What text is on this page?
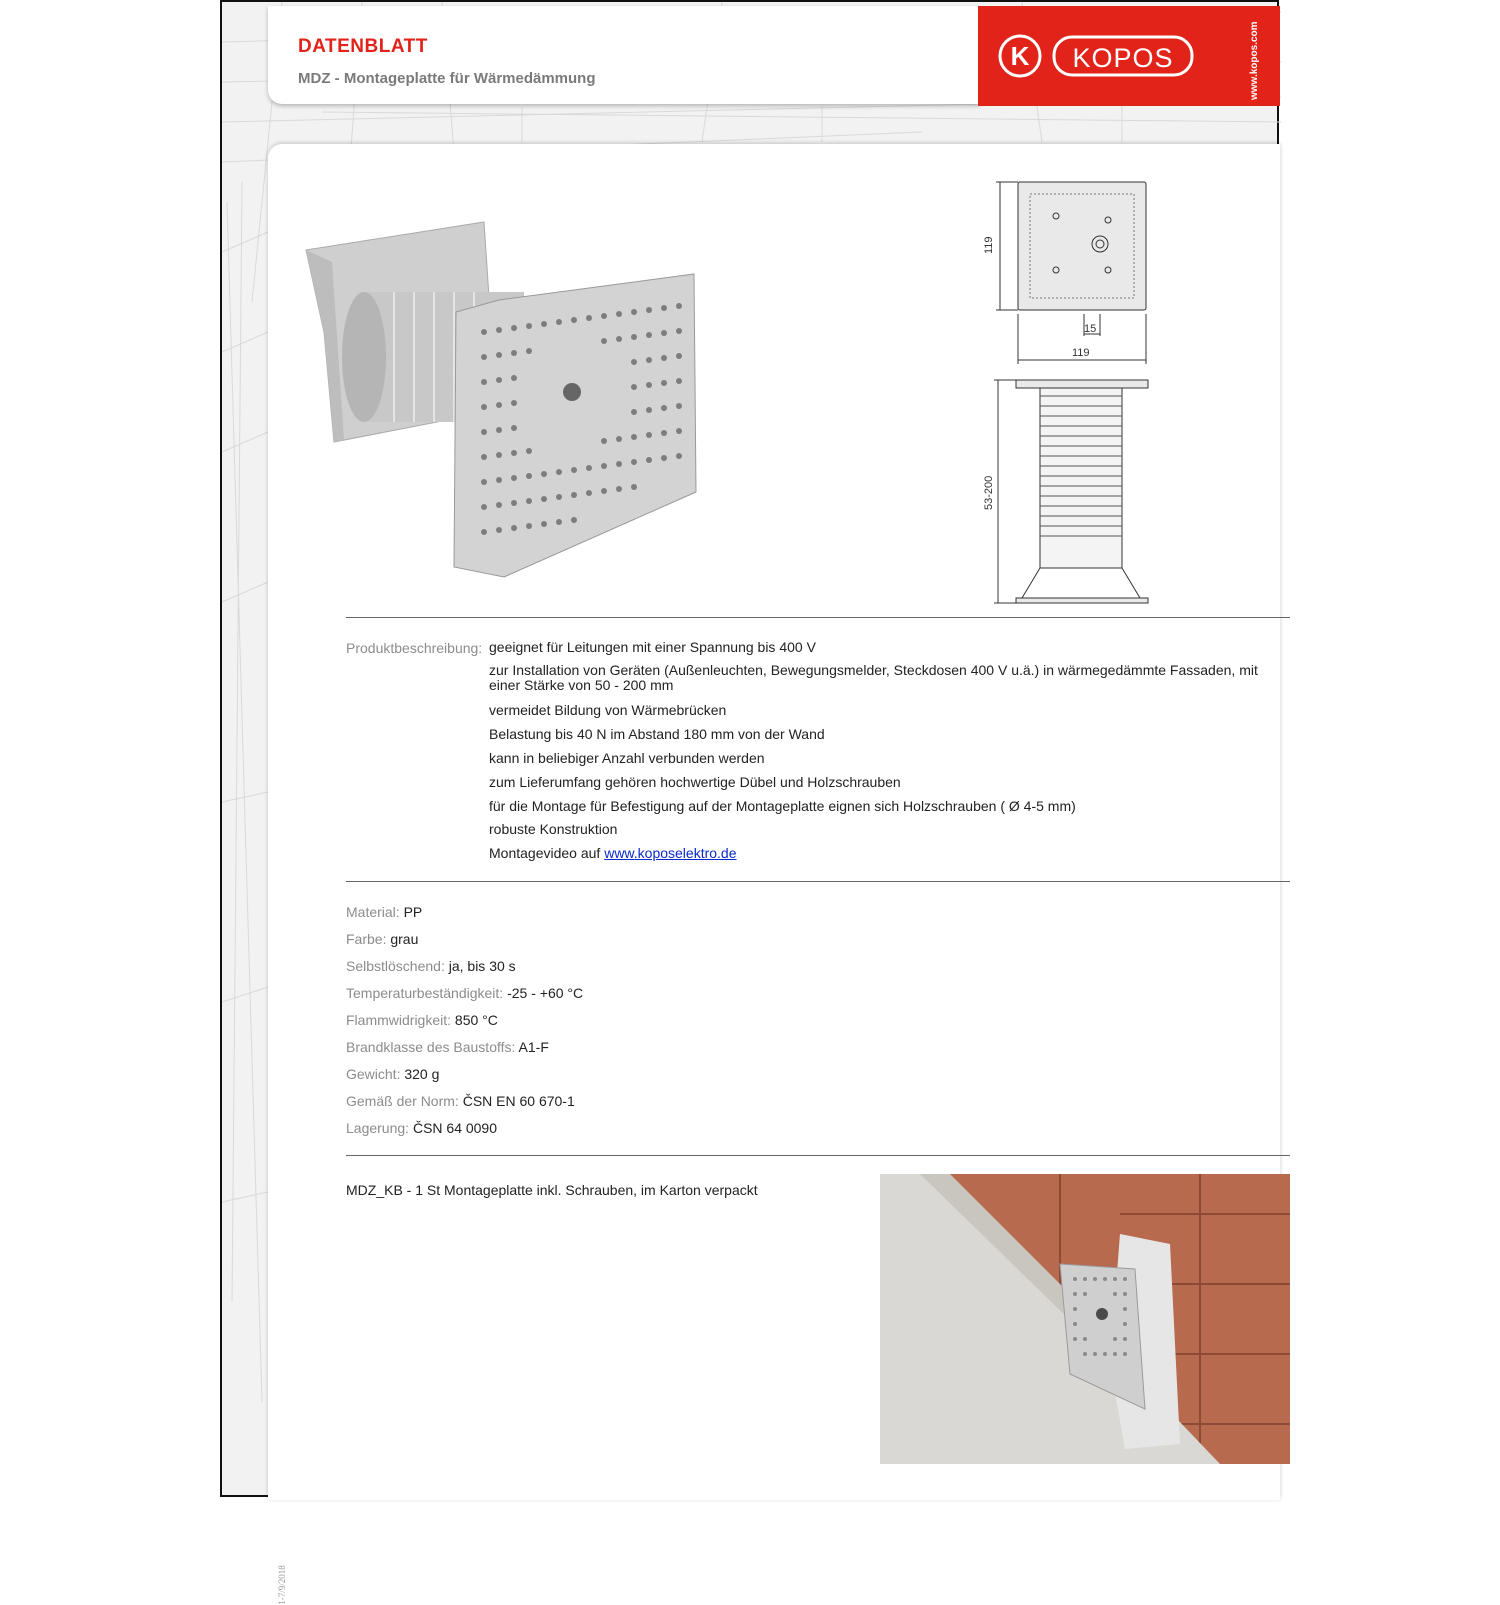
DATENBLATT
MDZ - Montageplatte für Wärmedämmung
K KOPOS	www.kopos.com
119
15
119
53-200
Produktbeschreibung: geeignet für Leitungen mit einer Spannung bis 400 V
zur Installation von Geräten (Außenleuchten, Bewegungsmelder, Steckdosen 400 V u.ä.) in wärmegedämmte Fassaden, mit einer Stärke von 50 - 200 mm
vermeidet Bildung von Wärmebrücken
Belastung bis 40 N im Abstand 180 mm von der Wand
kann in beliebiger Anzahl verbunden werden
zum Lieferumfang gehören hochwertige Dübel und Holzschrauben
für die Montage für Befestigung auf der Montageplatte eignen sich Holzschrauben ( Ø 4-5 mm)
robuste Konstruktion
Montagevideo auf www.koposelektro.de
Material: PP
Farbe: grau
Selbstlöschend: ja, bis 30 s
Temperaturbeständigkeit: -25 - +60 °C
Flammwidrigkeit: 850 °C
Brandklasse des Baustoffs: A1-F
Gewicht: 320 g
Gemäß der Norm: ČSN EN 60 670-1
Lagerung: ČSN 64 0090
MDZ_KB - 1 St Montageplatte inkl. Schrauben, im Karton verpackt
1-7/9/2018
